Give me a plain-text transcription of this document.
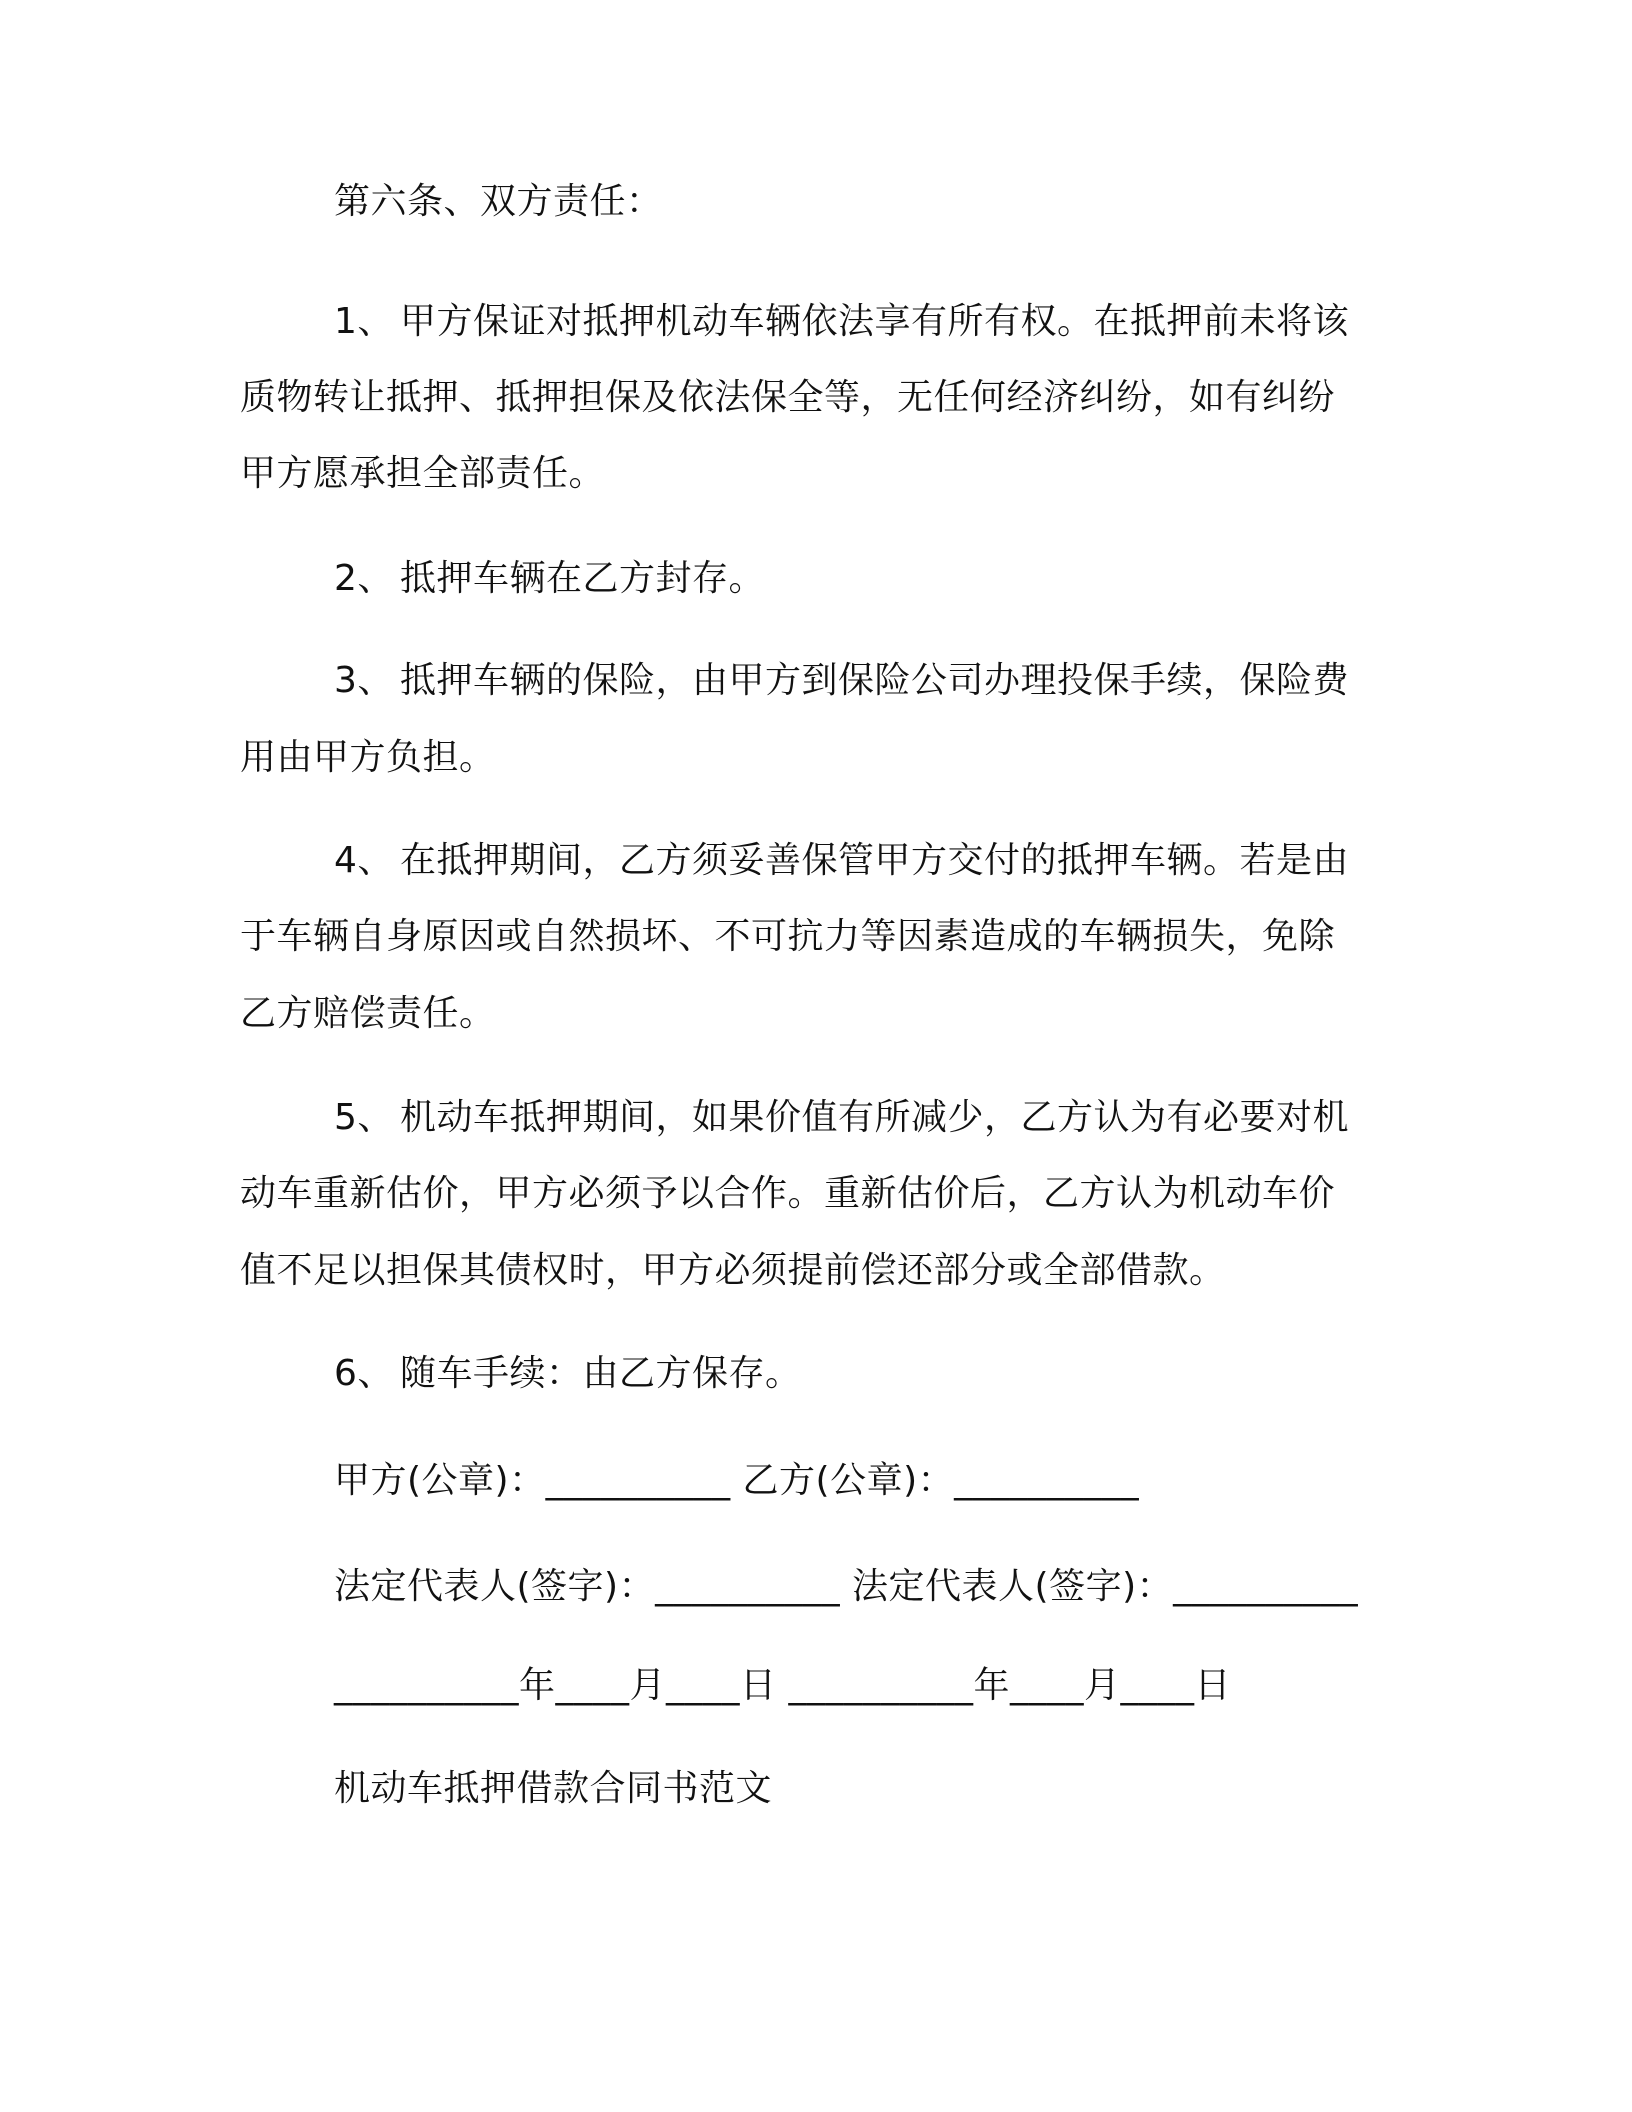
第六条、双方责任：
1、 甲方保证对抵押机动车辆依法享有所有权。在抵押前未将该
质物转让抵押、抵押担保及依法保全等，无任何经济纠纷，如有纠纷
甲方愿承担全部责任。
2、 抵押车辆在乙方封存。
3、 抵押车辆的保险，由甲方到保险公司办理投保手续，保险费
用由甲方负担。
4、 在抵押期间，乙方须妥善保管甲方交付的抵押车辆。若是由
于车辆自身原因或自然损坏、不可抗力等因素造成的车辆损失，免除
乙方赔偿责任。
5、 机动车抵押期间，如果价值有所减少，乙方认为有必要对机
动车重新估价，甲方必须予以合作。重新估价后，乙方认为机动车价
值不足以担保其债权时，甲方必须提前偿还部分或全部借款。
6、 随车手续：由乙方保存。
甲方(公章)：__________ 乙方(公章)：__________
法定代表人(签字)：__________ 法定代表人(签字)：__________
__________年____月____日 __________年____月____日
机动车抵押借款合同书范文
